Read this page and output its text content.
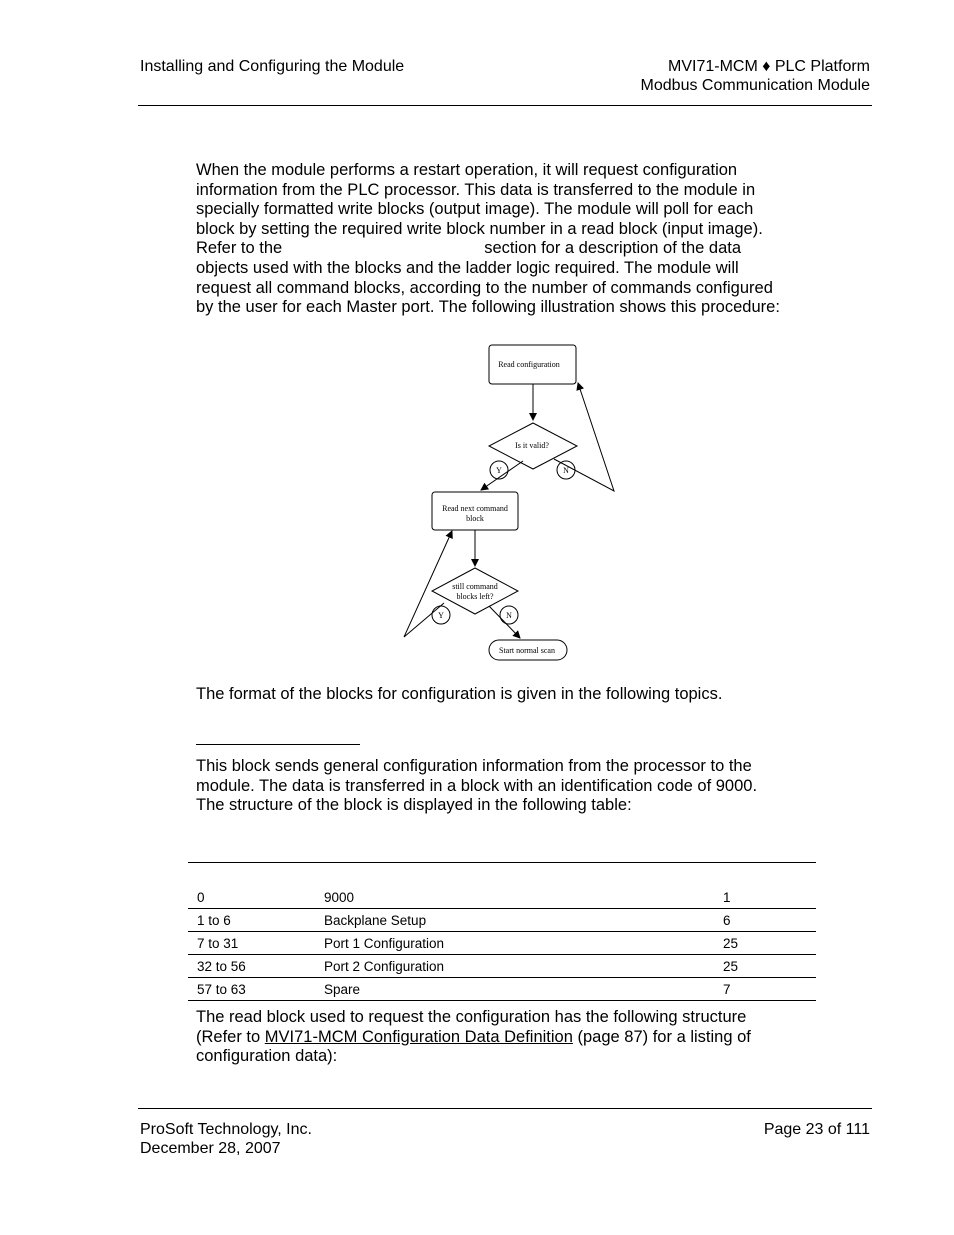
Installing and Configuring the Module	MVI71-MCM ♦ PLC Platform
Modbus Communication Module
When the module performs a restart operation, it will request configuration
information from the PLC processor. This data is transferred to the module in
specially formatted write blocks (output image). The module will poll for each
block by setting the required write block number in a read block (input image).
Refer to the	section for a description of the data
objects used with the blocks and the ladder logic required. The module will
request all command blocks, according to the number of commands configured
by the user for each Master port. The following illustration shows this procedure:
Read configuration
Is it valid?
Y	N
Read next command
block
still command
blocks left?
Y	N
Start normal scan
The format of the blocks for configuration is given in the following topics.
This block sends general configuration information from the processor to the
module. The data is transferred in a block with an identification code of 9000.
The structure of the block is displayed in the following table:
0	9000	1
1 to 6	Backplane Setup	6
7 to 31	Port 1 Configuration	25
32 to 56	Port 2 Configuration	25
57 to 63	Spare	7
The read block used to request the configuration has the following structure
(Refer to MVI71-MCM Configuration Data Definition (page 87) for a listing of
configuration data):
ProSoft Technology, Inc.
December 28, 2007
Page 23 of 111
